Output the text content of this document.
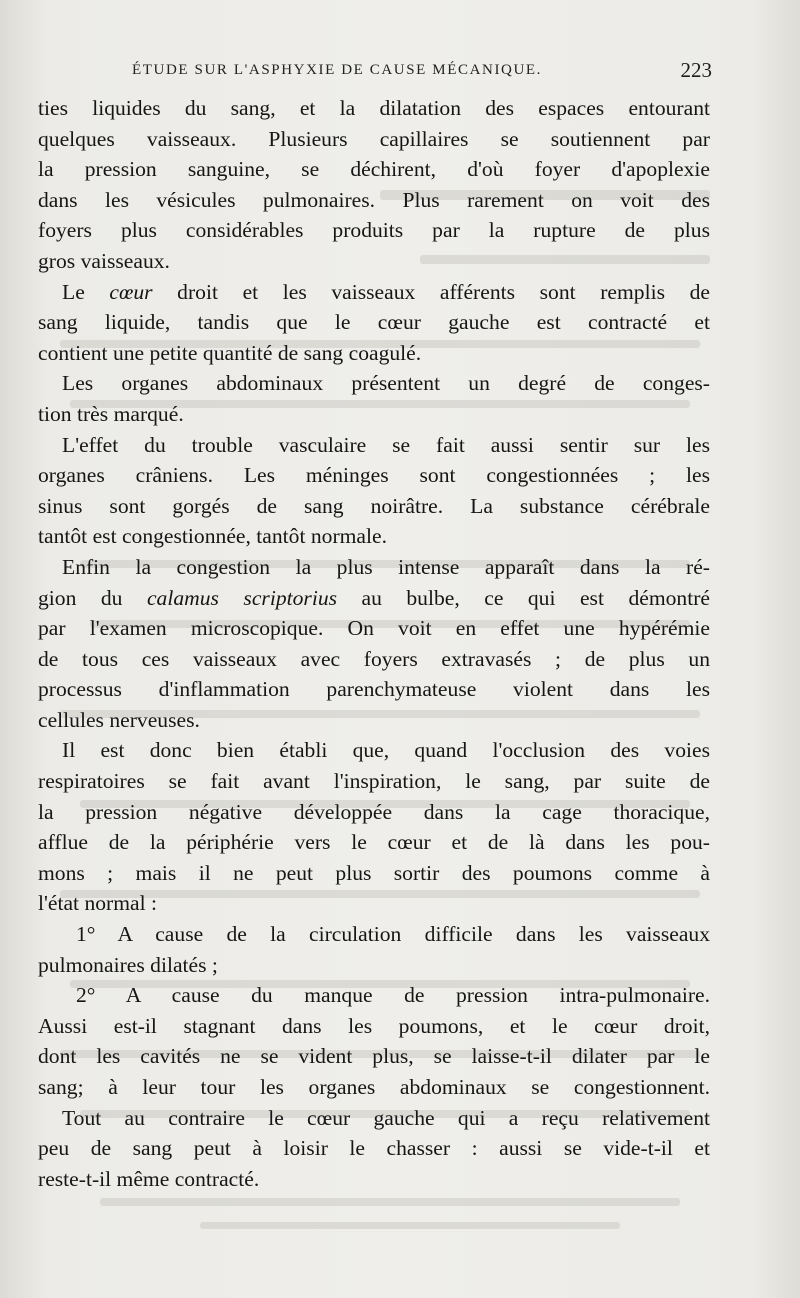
ÉTUDE SUR L'ASPHYXIE DE CAUSE MÉCANIQUE.	223

ties liquides du sang, et la dilatation des espaces entourant
quelques vaisseaux. Plusieurs capillaires se soutiennent par
la pression sanguine, se déchirent, d'où foyer d'apoplexie
dans les vésicules pulmonaires. Plus rarement on voit des
foyers plus considérables produits par la rupture de plus
gros vaisseaux.

Le cœur droit et les vaisseaux afférents sont remplis de
sang liquide, tandis que le cœur gauche est contracté et
contient une petite quantité de sang coagulé.

Les organes abdominaux présentent un degré de conges-
tion très marqué.

L'effet du trouble vasculaire se fait aussi sentir sur les
organes crâniens. Les méninges sont congestionnées ; les
sinus sont gorgés de sang noirâtre. La substance cérébrale
tantôt est congestionnée, tantôt normale.

Enfin la congestion la plus intense apparaît dans la ré-
gion du calamus scriptorius au bulbe, ce qui est démontré
par l'examen microscopique. On voit en effet une hypérémie
de tous ces vaisseaux avec foyers extravasés ; de plus un
processus d'inflammation parenchymateuse violent dans les
cellules nerveuses.

Il est donc bien établi que, quand l'occlusion des voies
respiratoires se fait avant l'inspiration, le sang, par suite de
la pression négative développée dans la cage thoracique,
afflue de la périphérie vers le cœur et de là dans les pou-
mons ; mais il ne peut plus sortir des poumons comme à
l'état normal :

1° A cause de la circulation difficile dans les vaisseaux
pulmonaires dilatés ;

2° A cause du manque de pression intra-pulmonaire.
Aussi est-il stagnant dans les poumons, et le cœur droit,
dont les cavités ne se vident plus, se laisse-t-il dilater par le
sang; à leur tour les organes abdominaux se congestionnent.

Tout au contraire le cœur gauche qui a reçu relativement
peu de sang peut à loisir le chasser : aussi se vide-t-il et
reste-t-il même contracté.
